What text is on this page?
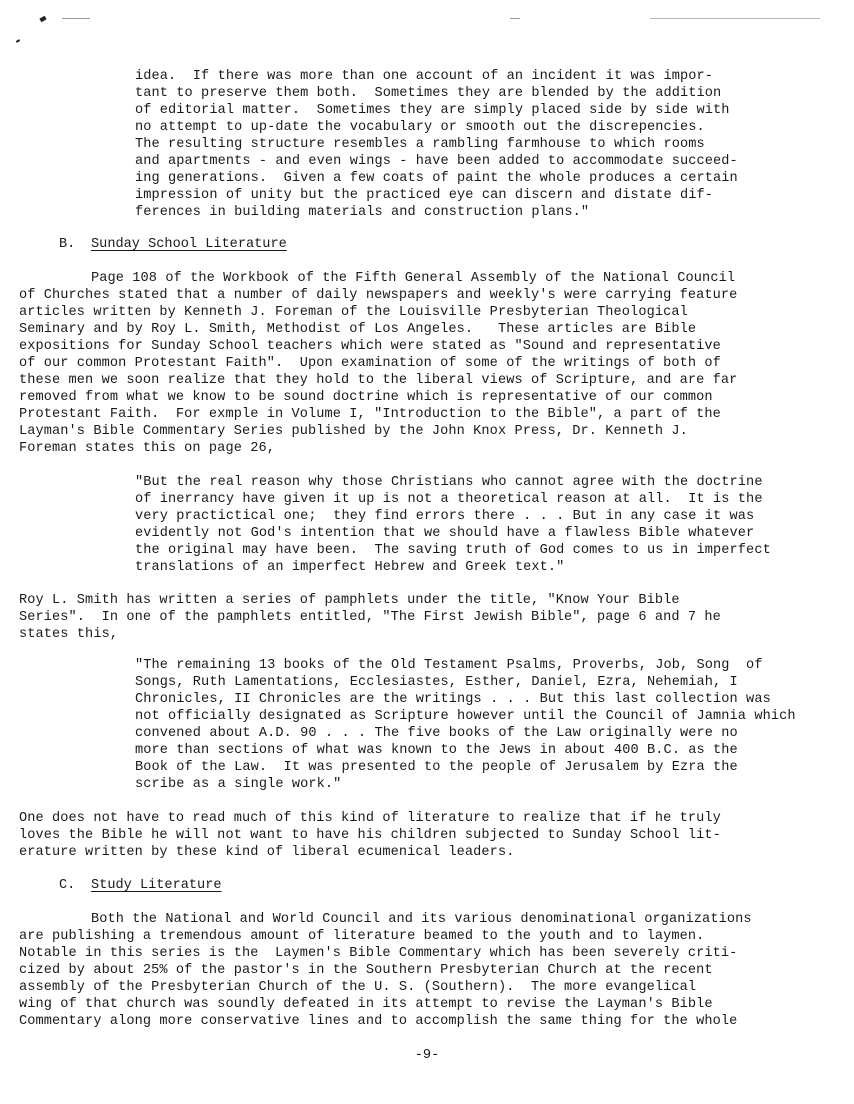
idea.  If there was more than one account of an incident it was impor-
tant to preserve them both.  Sometimes they are blended by the addition
of editorial matter.  Sometimes they are simply placed side by side with
no attempt to up-date the vocabulary or smooth out the discrepencies.
The resulting structure resembles a rambling farmhouse to which rooms
and apartments - and even wings - have been added to accommodate succeed-
ing generations.  Given a few coats of paint the whole produces a certain
impression of unity but the practiced eye can discern and distate dif-
ferences in building materials and construction plans."
B. Sunday School Literature
Page 108 of the Workbook of the Fifth General Assembly of the National Council
of Churches stated that a number of daily newspapers and weekly's were carrying feature
articles written by Kenneth J. Foreman of the Louisville Presbyterian Theological
Seminary and by Roy L. Smith, Methodist of Los Angeles.   These articles are Bible
expositions for Sunday School teachers which were stated as "Sound and representative
of our common Protestant Faith".  Upon examination of some of the writings of both of
these men we soon realize that they hold to the liberal views of Scripture, and are far
removed from what we know to be sound doctrine which is representative of our common
Protestant Faith.  For exmple in Volume I, "Introduction to the Bible", a part of the
Layman's Bible Commentary Series published by the John Knox Press, Dr. Kenneth J.
Foreman states this on page 26,
"But the real reason why those Christians who cannot agree with the doctrine
of inerrancy have given it up is not a theoretical reason at all.  It is the
very practictical one;  they find errors there . . . But in any case it was
evidently not God's intention that we should have a flawless Bible whatever
the original may have been.  The saving truth of God comes to us in imperfect
translations of an imperfect Hebrew and Greek text."
Roy L. Smith has written a series of pamphlets under the title, "Know Your Bible
Series".  In one of the pamphlets entitled, "The First Jewish Bible", page 6 and 7 he
states this,
"The remaining 13 books of the Old Testament Psalms, Proverbs, Job, Song  of
Songs, Ruth Lamentations, Ecclesiastes, Esther, Daniel, Ezra, Nehemiah, I
Chronicles, II Chronicles are the writings . . . But this last collection was
not officially designated as Scripture however until the Council of Jamnia which
convened about A.D. 90 . . . The five books of the Law originally were no
more than sections of what was known to the Jews in about 400 B.C. as the
Book of the Law.  It was presented to the people of Jerusalem by Ezra the
scribe as a single work."
One does not have to read much of this kind of literature to realize that if he truly
loves the Bible he will not want to have his children subjected to Sunday School lit-
erature written by these kind of liberal ecumenical leaders.
C. Study Literature
Both the National and World Council and its various denominational organizations
are publishing a tremendous amount of literature beamed to the youth and to laymen.
Notable in this series is the  Laymen's Bible Commentary which has been severely criti-
cized by about 25% of the pastor's in the Southern Presbyterian Church at the recent
assembly of the Presbyterian Church of the U. S. (Southern).  The more evangelical
wing of that church was soundly defeated in its attempt to revise the Layman's Bible
Commentary along more conservative lines and to accomplish the same thing for the whole
-9-
